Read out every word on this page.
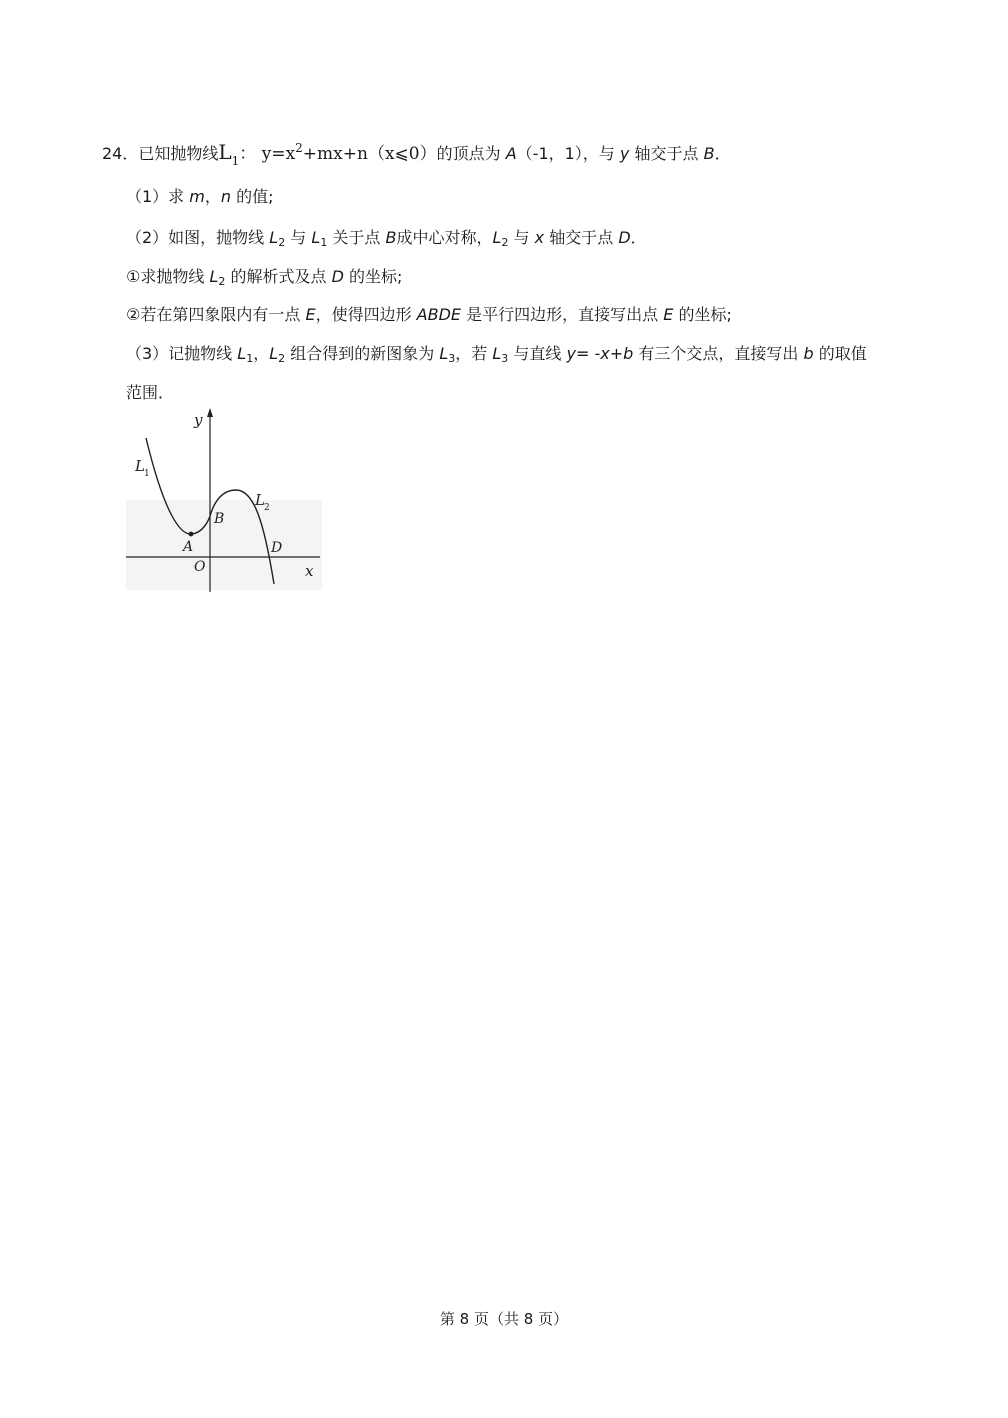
24．已知抛物线$L_1$： $y=x^2+mx+n(x⩽0)$的顶点为 A（-1，1），与 y 轴交于点 B．
（1）求 m，n 的值;
（2）如图，抛物线 $L_2$ 与 $L_1$ 关于点 B成中心对称，$L_2$ 与 x 轴交于点 D．
①求抛物线 $L_2$ 的解析式及点 D 的坐标;
②若在第四象限内有一点 E，使得四边形 ABDE 是平行四边形，直接写出点 E 的坐标;
（3）记抛物线 $L_1$，$L_2$ 组合得到的新图象为 $L_3$，若 $L_3$ 与直线 y= -x+b 有三个交点，直接写出 b 的取值
范围．
y
x
O
L 1
L 2
A
B
D
第 8 页（共 8 页）
